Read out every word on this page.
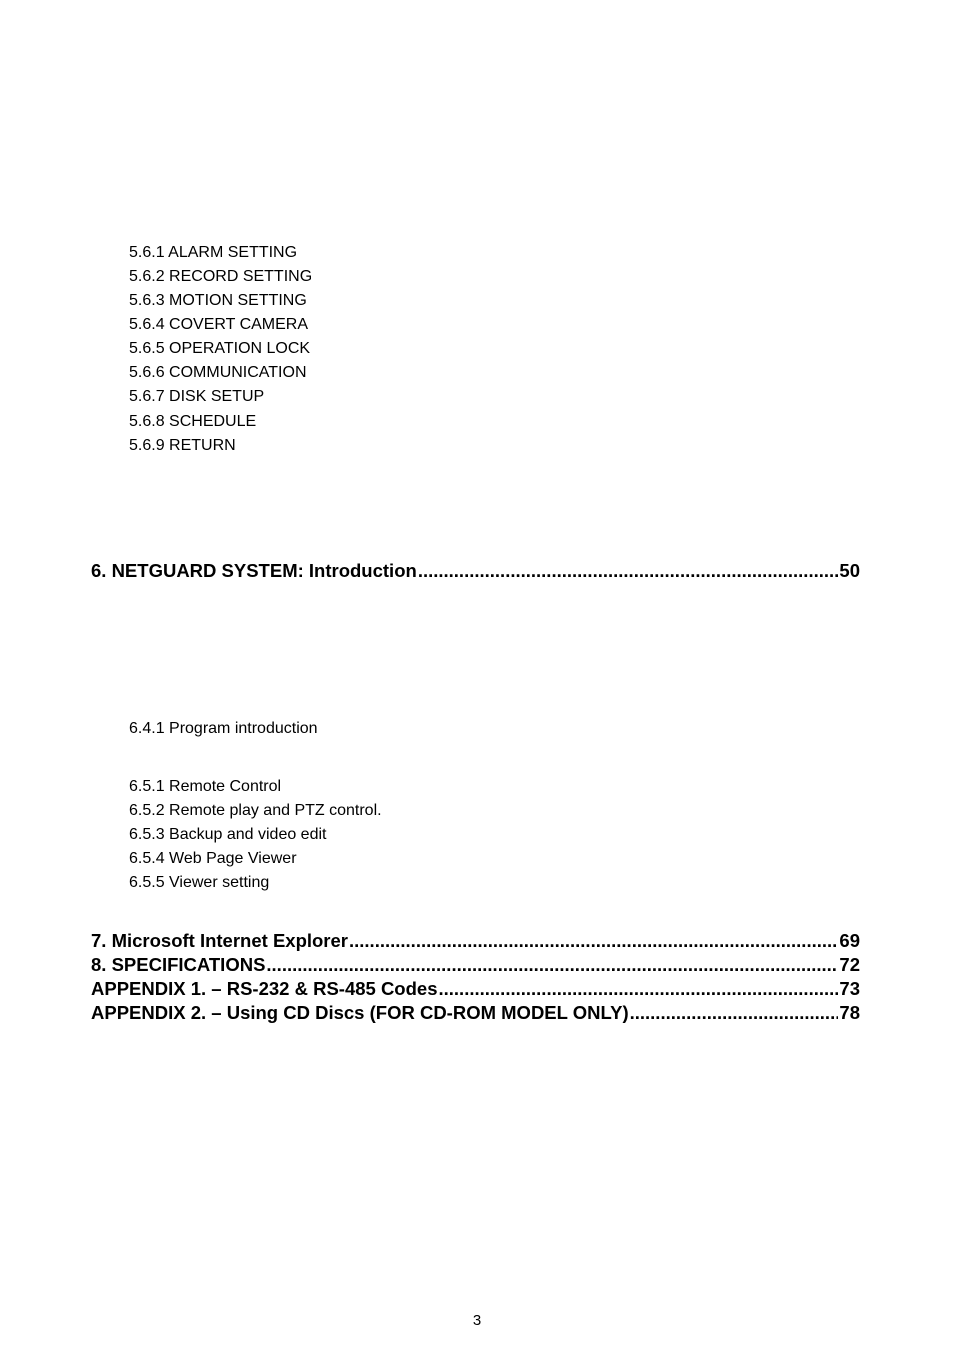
5.6.1 ALARM SETTING
5.6.2 RECORD SETTING
5.6.3 MOTION SETTING
5.6.4 COVERT CAMERA
5.6.5 OPERATION LOCK
5.6.6 COMMUNICATION
5.6.7 DISK SETUP
5.6.8 SCHEDULE
5.6.9 RETURN
6. NETGUARD SYSTEM: Introduction .....	50
6.4.1 Program introduction
6.5.1 Remote Control
6.5.2 Remote play and PTZ control.
6.5.3 Backup and video edit
6.5.4 Web Page Viewer
6.5.5 Viewer setting
7. Microsoft Internet Explorer .....	69
8. SPECIFICATIONS .....	72
APPENDIX 1. – RS-232 & RS-485 Codes .....	73
APPENDIX 2. – Using CD Discs (FOR CD-ROM MODEL ONLY) .....	78
3
